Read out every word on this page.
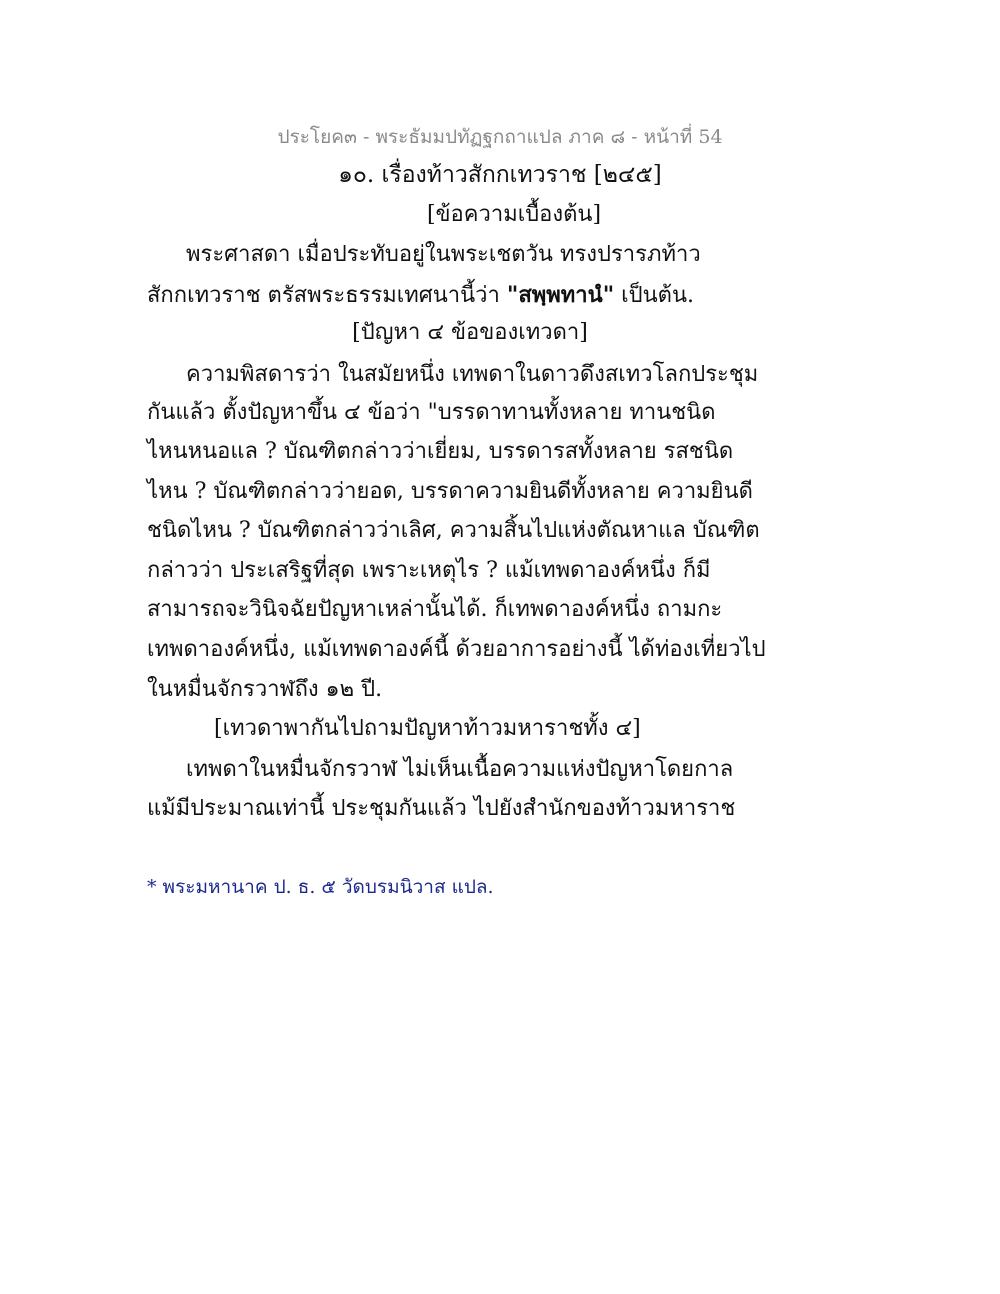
ประโยค๓ - พระธัมมปทัฏฐกถาแปล ภาค ๘ - หน้าที่ 54
๑๐. เรื่องท้าวสักกเทวราช [๒๔๕]
[ข้อความเบื้องต้น]
พระศาสดา เมื่อประทับอยู่ในพระเชตวัน ทรงปรารภท้าว
สักกเทวราช ตรัสพระธรรมเทศนานี้ว่า "สพฺพทานํ" เป็นต้น.
[ปัญหา ๔ ข้อของเทวดา]
ความพิสดารว่า ในสมัยหนึ่ง เทพดาในดาวดึงสเทวโลกประชุม
กันแล้ว ตั้งปัญหาขึ้น ๔ ข้อว่า "บรรดาทานทั้งหลาย ทานชนิด
ไหนหนอแล ? บัณฑิตกล่าวว่าเยี่ยม, บรรดารสทั้งหลาย รสชนิด
ไหน ? บัณฑิตกล่าวว่ายอด, บรรดาความยินดีทั้งหลาย ความยินดี
ชนิดไหน ? บัณฑิตกล่าวว่าเลิศ, ความสิ้นไปแห่งตัณหาแล บัณฑิต
กล่าวว่า ประเสริฐที่สุด เพราะเหตุไร ? แม้เทพดาองค์หนึ่ง ก็มี
สามารถจะวินิจฉัยปัญหาเหล่านั้นได้. ก็เทพดาองค์หนึ่ง ถามกะ
เทพดาองค์หนึ่ง, แม้เทพดาองค์นี้ ด้วยอาการอย่างนี้ ได้ท่องเที่ยวไป
ในหมื่นจักรวาฬถึง ๑๒ ปี.
[เทวดาพากันไปถามปัญหาท้าวมหาราชทั้ง ๔]
เทพดาในหมื่นจักรวาฬ ไม่เห็นเนื้อความแห่งปัญหาโดยกาล
แม้มีประมาณเท่านี้ ประชุมกันแล้ว ไปยังสำนักของท้าวมหาราช
* พระมหานาค ป. ธ. ๕ วัดบรมนิวาส แปล.
